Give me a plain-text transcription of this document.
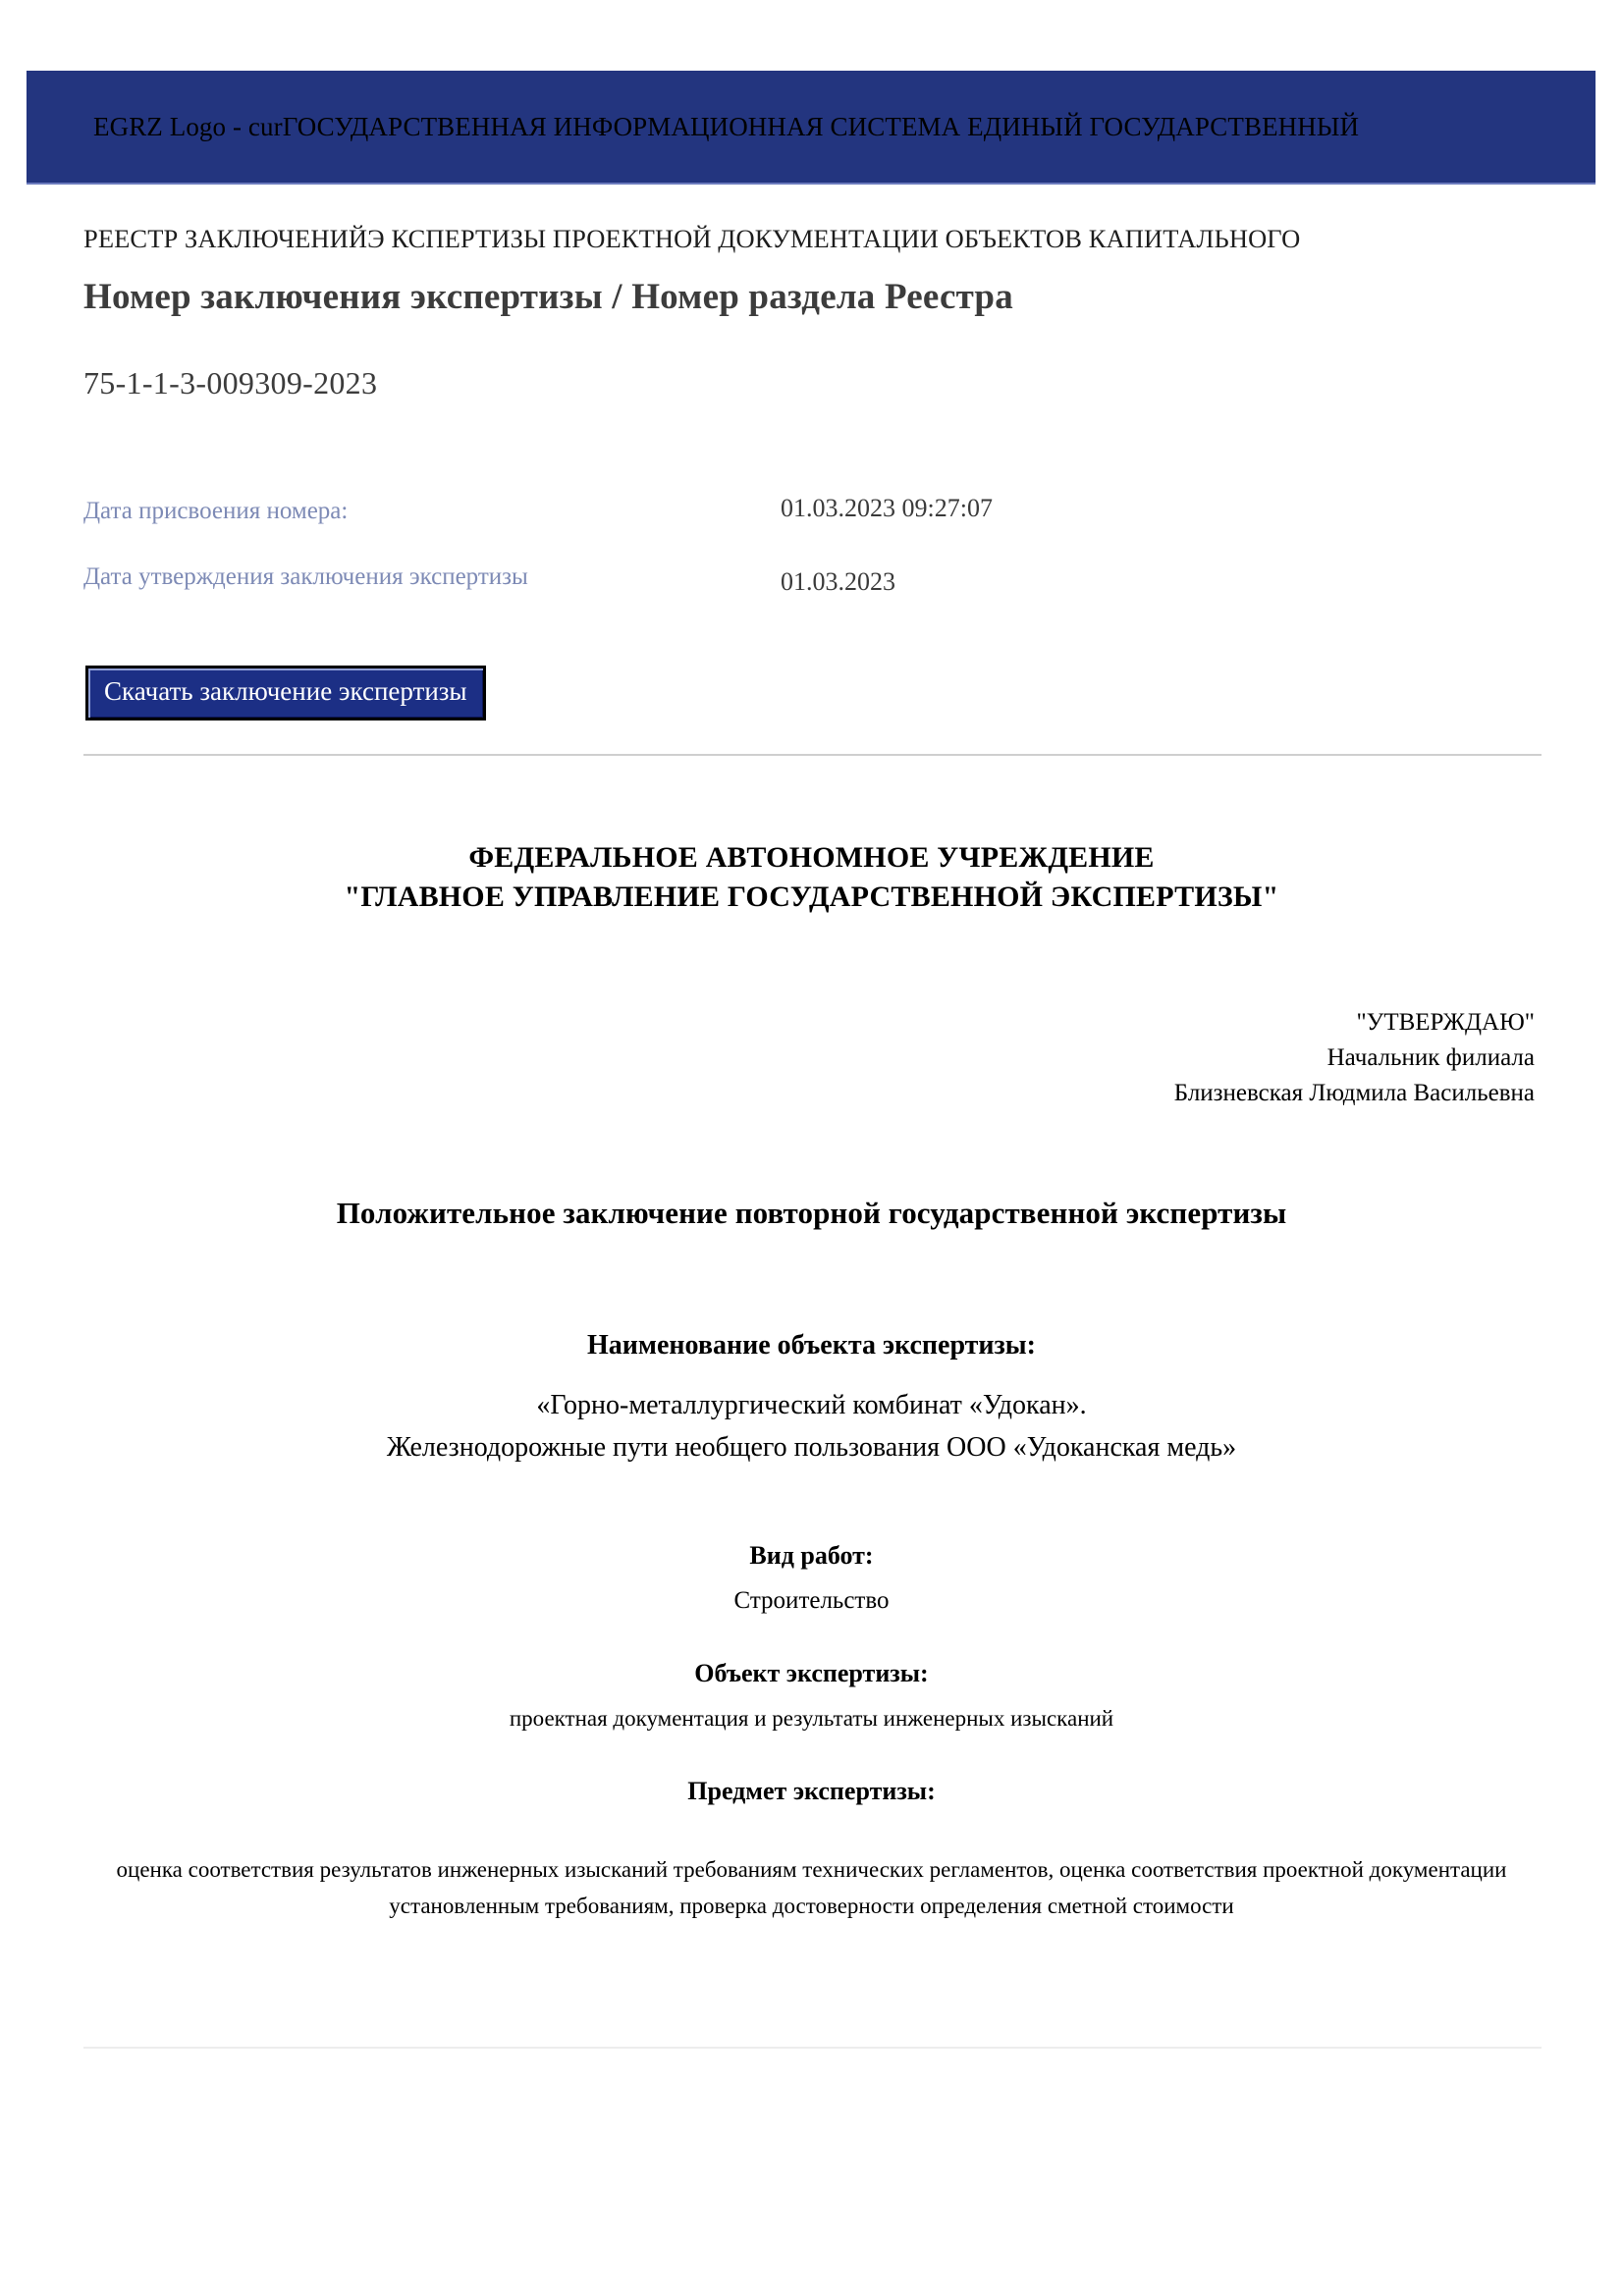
EGRZ Logo - curГОСУДАРСТВЕННАЯ ИНФОРМАЦИОННАЯ СИСТЕМА ЕДИНЫЙ ГОСУДАРСТВЕННЫЙ
РЕЕСТР ЗАКЛЮЧЕНИЙЭ КСПЕРТИЗЫ ПРОЕКТНОЙ ДОКУМЕНТАЦИИ ОБЪЕКТОВ КАПИТАЛЬНОГО
Номер заключения экспертизы / Номер раздела Реестра
75-1-1-3-009309-2023
Дата присвоения номера:	01.03.2023 09:27:07
Дата утверждения заключения экспертизы	01.03.2023
Скачать заключение экспертизы
ФЕДЕРАЛЬНОЕ АВТОНОМНОЕ УЧРЕЖДЕНИЕ
"ГЛАВНОЕ УПРАВЛЕНИЕ ГОСУДАРСТВЕННОЙ ЭКСПЕРТИЗЫ"
"УТВЕРЖДАЮ"
Начальник филиала
Близневская Людмила Васильевна
Положительное заключение повторной государственной экспертизы
Наименование объекта экспертизы:
«Горно-металлургический комбинат «Удокан».
Железнодорожные пути необщего пользования ООО «Удоканская медь»
Вид работ:
Строительство
Объект экспертизы:
проектная документация и результаты инженерных изысканий
Предмет экспертизы:
оценка соответствия результатов инженерных изысканий требованиям технических регламентов, оценка соответствия проектной документации установленным требованиям, проверка достоверности определения сметной стоимости
